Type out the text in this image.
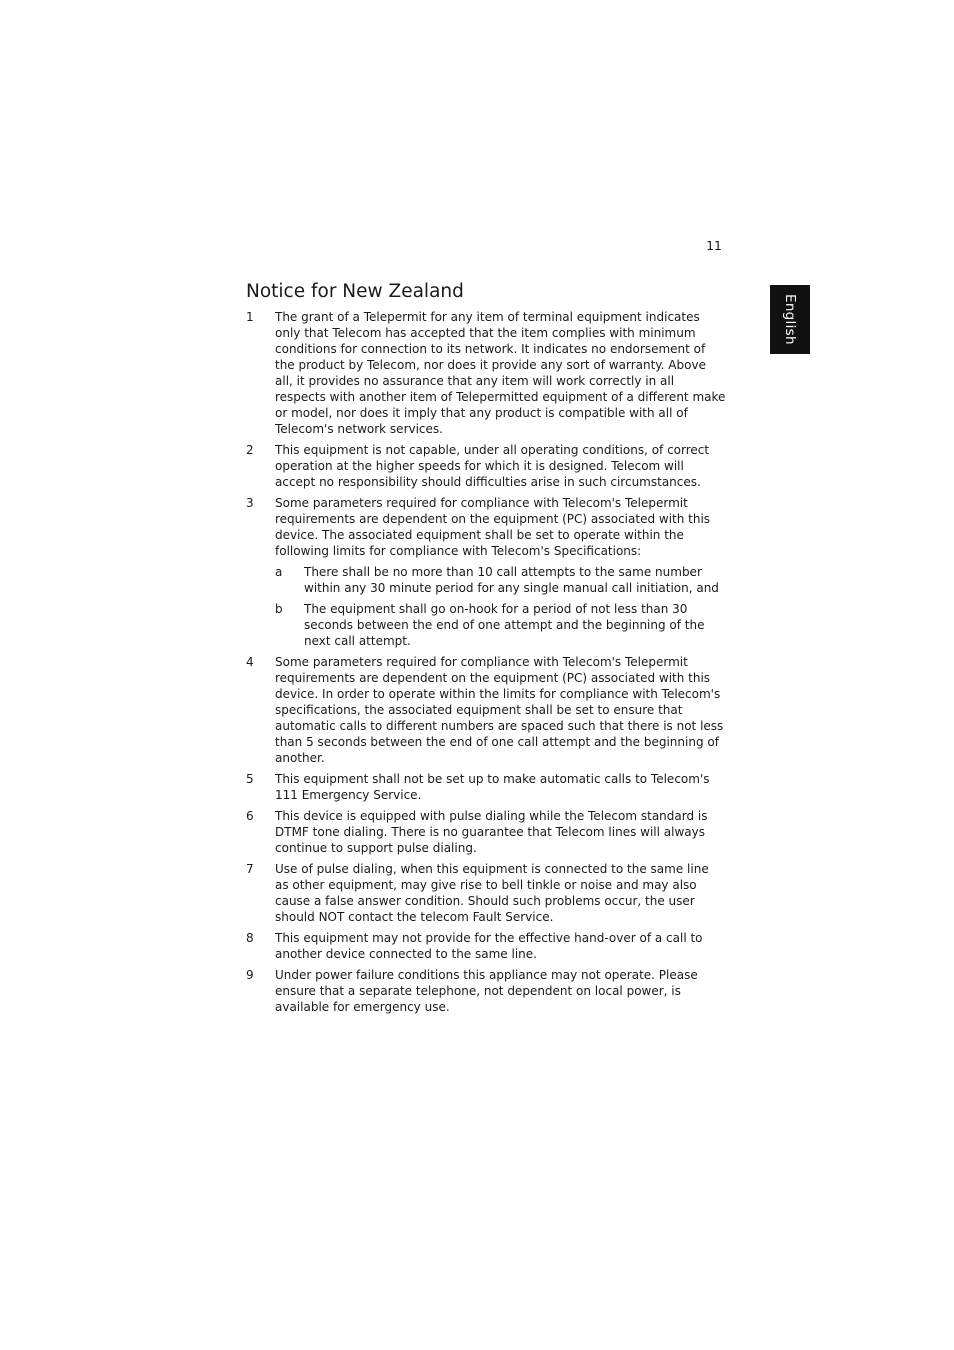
11
English
Notice for New Zealand
1 The grant of a Telepermit for any item of terminal equipment indicates only that Telecom has accepted that the item complies with minimum conditions for connection to its network. It indicates no endorsement of the product by Telecom, nor does it provide any sort of warranty. Above all, it provides no assurance that any item will work correctly in all respects with another item of Telepermitted equipment of a different make or model, nor does it imply that any product is compatible with all of Telecom's network services.
2 This equipment is not capable, under all operating conditions, of correct operation at the higher speeds for which it is designed. Telecom will accept no responsibility should difficulties arise in such circumstances.
3 Some parameters required for compliance with Telecom's Telepermit requirements are dependent on the equipment (PC) associated with this device. The associated equipment shall be set to operate within the following limits for compliance with Telecom's Specifications:
a There shall be no more than 10 call attempts to the same number within any 30 minute period for any single manual call initiation, and
b The equipment shall go on-hook for a period of not less than 30 seconds between the end of one attempt and the beginning of the next call attempt.
4 Some parameters required for compliance with Telecom's Telepermit requirements are dependent on the equipment (PC) associated with this device. In order to operate within the limits for compliance with Telecom's specifications, the associated equipment shall be set to ensure that automatic calls to different numbers are spaced such that there is not less than 5 seconds between the end of one call attempt and the beginning of another.
5 This equipment shall not be set up to make automatic calls to Telecom's 111 Emergency Service.
6 This device is equipped with pulse dialing while the Telecom standard is DTMF tone dialing. There is no guarantee that Telecom lines will always continue to support pulse dialing.
7 Use of pulse dialing, when this equipment is connected to the same line as other equipment, may give rise to bell tinkle or noise and may also cause a false answer condition. Should such problems occur, the user should NOT contact the telecom Fault Service.
8 This equipment may not provide for the effective hand-over of a call to another device connected to the same line.
9 Under power failure conditions this appliance may not operate. Please ensure that a separate telephone, not dependent on local power, is available for emergency use.
